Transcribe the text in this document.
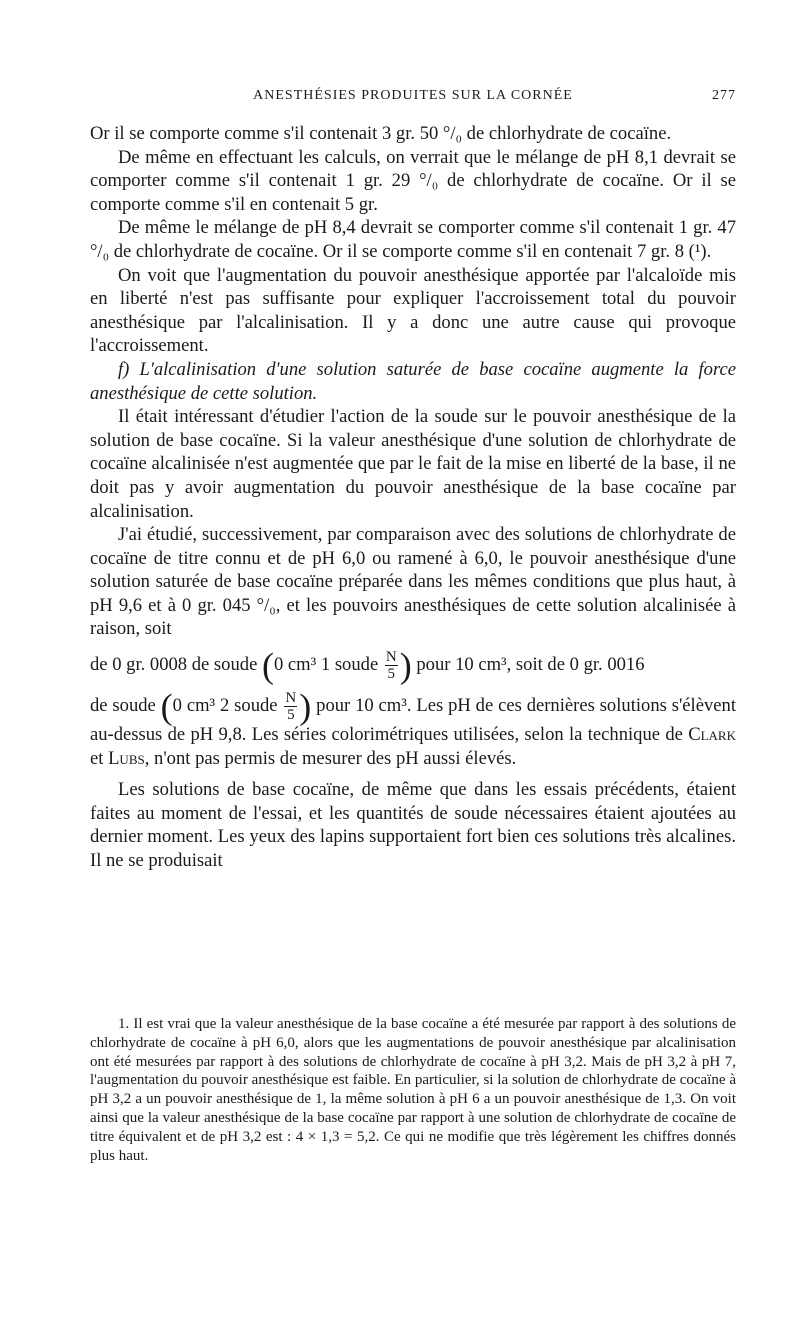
ANESTHÉSIES PRODUITES SUR LA CORNÉE	277

Or il se comporte comme s'il contenait 3 gr. 50 °/₀ de chlorhydrate de cocaïne.

De même en effectuant les calculs, on verrait que le mélange de pH 8,1 devrait se comporter comme s'il contenait 1 gr. 29 °/₀ de chlorhydrate de cocaïne. Or il se comporte comme s'il en contenait 5 gr.

De même le mélange de pH 8,4 devrait se comporter comme s'il contenait 1 gr. 47 °/₀ de chlorhydrate de cocaïne. Or il se comporte comme s'il en contenait 7 gr. 8 (¹).

On voit que l'augmentation du pouvoir anesthésique apportée par l'alcaloïde mis en liberté n'est pas suffisante pour expliquer l'accroissement total du pouvoir anesthésique par l'alcalinisation. Il y a donc une autre cause qui provoque l'accroissement.

f) L'alcalinisation d'une solution saturée de base cocaïne augmente la force anesthésique de cette solution.

Il était intéressant d'étudier l'action de la soude sur le pouvoir anesthésique de la solution de base cocaïne. Si la valeur anesthésique d'une solution de chlorhydrate de cocaïne alcalinisée n'est augmentée que par le fait de la mise en liberté de la base, il ne doit pas y avoir augmentation du pouvoir anesthésique de la base cocaïne par alcalinisation.

J'ai étudié, successivement, par comparaison avec des solutions de chlorhydrate de cocaïne de titre connu et de pH 6,0 ou ramené à 6,0, le pouvoir anesthésique d'une solution saturée de base cocaïne préparée dans les mêmes conditions que plus haut, à pH 9,6 et à 0 gr. 045 °/₀, et les pouvoirs anesthésiques de cette solution alcalinisée à raison, soit

de 0 gr. 0008 de soude (0 cm³ 1 soude $\frac{N}{5}$ ) pour 10 cm³, soit de 0 gr. 0016

de soude (0 cm³ 2 soude $\frac{N}{5}$ ) pour 10 cm³. Les pH de ces dernières solutions s'élèvent au-dessus de pH 9,8. Les séries colorimétriques utilisées, selon la technique de Clark et Lubs, n'ont pas permis de mesurer des pH aussi élevés.

Les solutions de base cocaïne, de même que dans les essais précédents, étaient faites au moment de l'essai, et les quantités de soude nécessaires étaient ajoutées au dernier moment. Les yeux des lapins supportaient fort bien ces solutions très alcalines. Il ne se produisait

1. Il est vrai que la valeur anesthésique de la base cocaïne a été mesurée par rapport à des solutions de chlorhydrate de cocaïne à pH 6,0, alors que les augmentations de pouvoir anesthésique par alcalinisation ont été mesurées par rapport à des solutions de chlorhydrate de cocaïne à pH 3,2. Mais de pH 3,2 à pH 7, l'augmentation du pouvoir anesthésique est faible. En particulier, si la solution de chlorhydrate de cocaïne à pH 3,2 a un pouvoir anesthésique de 1, la même solution à pH 6 a un pouvoir anesthésique de 1,3. On voit ainsi que la valeur anesthésique de la base cocaïne par rapport à une solution de chlorhydrate de cocaïne de titre équivalent et de pH 3,2 est : 4 × 1,3 = 5,2. Ce qui ne modifie que très légèrement les chiffres donnés plus haut.
